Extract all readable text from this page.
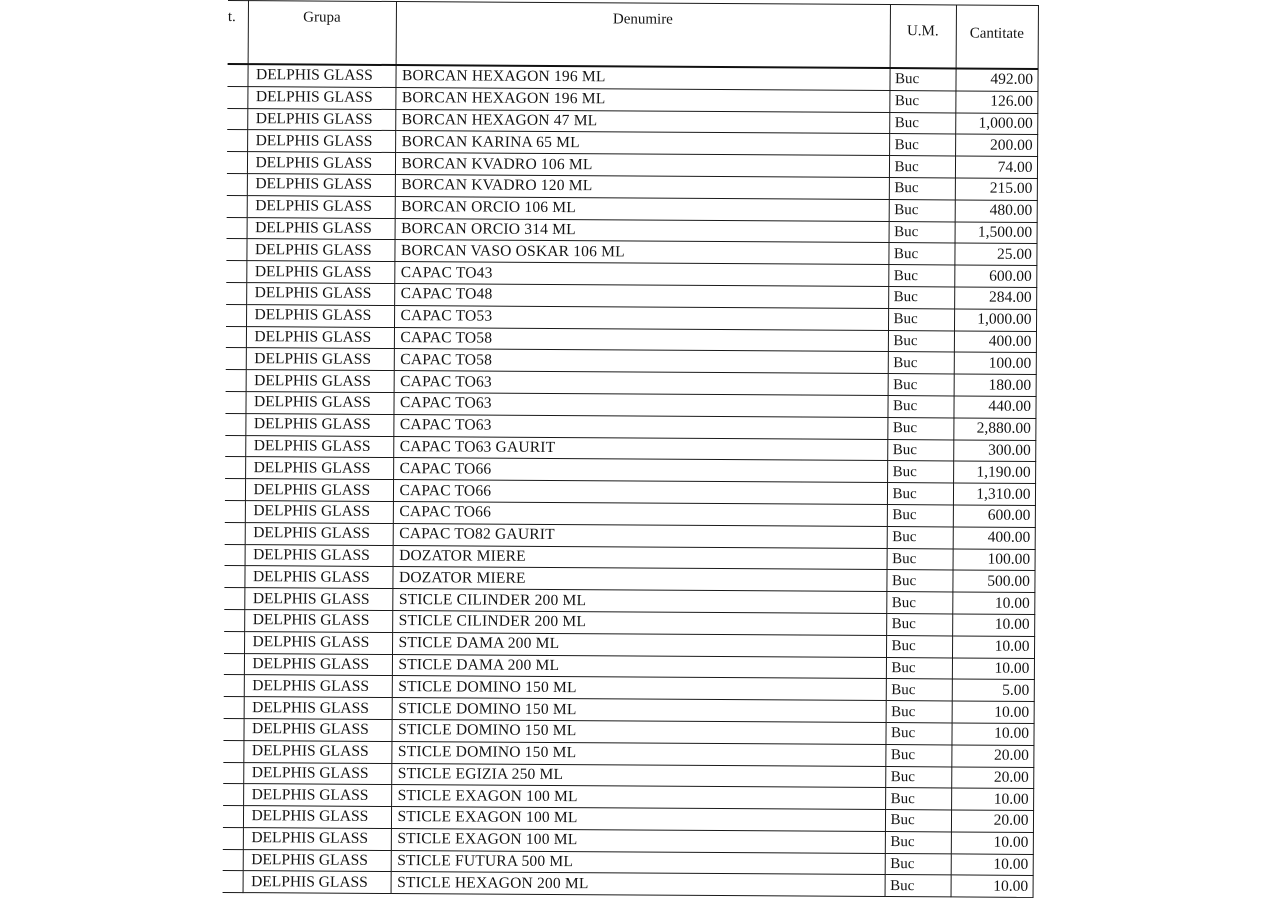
t.	Grupa	Denumire	U.M.	Cantitate
	DELPHIS GLASS	BORCAN HEXAGON 196 ML	Buc	492.00
	DELPHIS GLASS	BORCAN HEXAGON 196 ML	Buc	126.00
	DELPHIS GLASS	BORCAN HEXAGON 47 ML	Buc	1,000.00
	DELPHIS GLASS	BORCAN KARINA 65 ML	Buc	200.00
	DELPHIS GLASS	BORCAN KVADRO 106 ML	Buc	74.00
	DELPHIS GLASS	BORCAN KVADRO 120 ML	Buc	215.00
	DELPHIS GLASS	BORCAN ORCIO 106 ML	Buc	480.00
	DELPHIS GLASS	BORCAN ORCIO 314 ML	Buc	1,500.00
	DELPHIS GLASS	BORCAN VASO OSKAR 106 ML	Buc	25.00
	DELPHIS GLASS	CAPAC TO43	Buc	600.00
	DELPHIS GLASS	CAPAC TO48	Buc	284.00
	DELPHIS GLASS	CAPAC TO53	Buc	1,000.00
	DELPHIS GLASS	CAPAC TO58	Buc	400.00
	DELPHIS GLASS	CAPAC TO58	Buc	100.00
	DELPHIS GLASS	CAPAC TO63	Buc	180.00
	DELPHIS GLASS	CAPAC TO63	Buc	440.00
	DELPHIS GLASS	CAPAC TO63	Buc	2,880.00
	DELPHIS GLASS	CAPAC TO63 GAURIT	Buc	300.00
	DELPHIS GLASS	CAPAC TO66	Buc	1,190.00
	DELPHIS GLASS	CAPAC TO66	Buc	1,310.00
	DELPHIS GLASS	CAPAC TO66	Buc	600.00
	DELPHIS GLASS	CAPAC TO82 GAURIT	Buc	400.00
	DELPHIS GLASS	DOZATOR MIERE	Buc	100.00
	DELPHIS GLASS	DOZATOR MIERE	Buc	500.00
	DELPHIS GLASS	STICLE CILINDER 200 ML	Buc	10.00
	DELPHIS GLASS	STICLE CILINDER 200 ML	Buc	10.00
	DELPHIS GLASS	STICLE DAMA 200 ML	Buc	10.00
	DELPHIS GLASS	STICLE DAMA 200 ML	Buc	10.00
	DELPHIS GLASS	STICLE DOMINO 150 ML	Buc	5.00
	DELPHIS GLASS	STICLE DOMINO 150 ML	Buc	10.00
	DELPHIS GLASS	STICLE DOMINO 150 ML	Buc	10.00
	DELPHIS GLASS	STICLE DOMINO 150 ML	Buc	20.00
	DELPHIS GLASS	STICLE EGIZIA 250 ML	Buc	20.00
	DELPHIS GLASS	STICLE EXAGON 100 ML	Buc	10.00
	DELPHIS GLASS	STICLE EXAGON 100 ML	Buc	20.00
	DELPHIS GLASS	STICLE EXAGON 100 ML	Buc	10.00
	DELPHIS GLASS	STICLE FUTURA 500 ML	Buc	10.00
	DELPHIS GLASS	STICLE HEXAGON 200 ML	Buc	10.00
